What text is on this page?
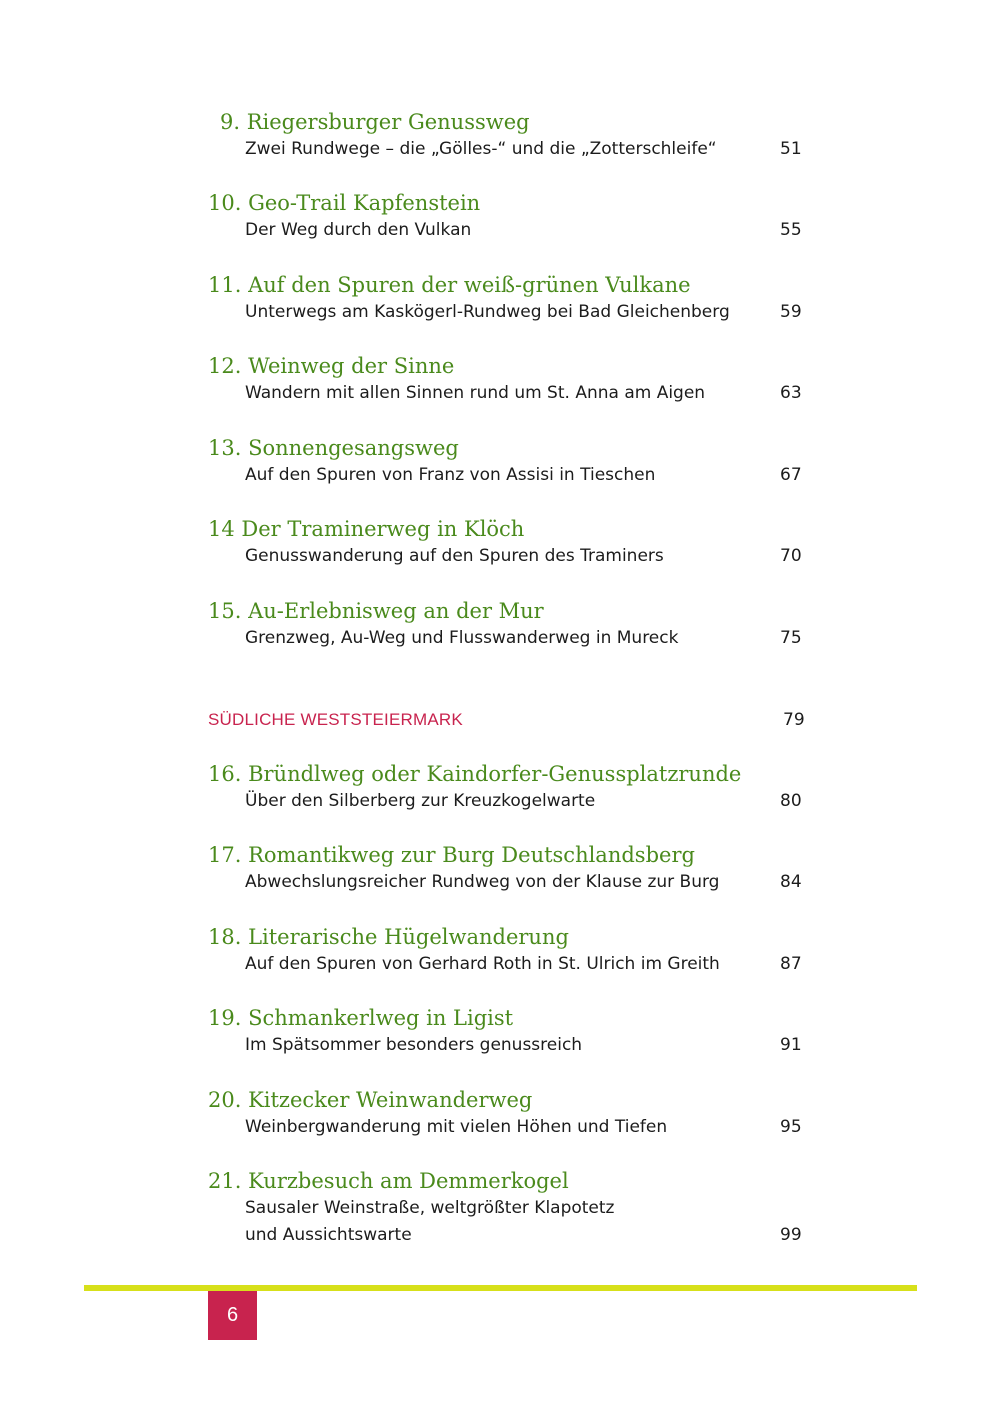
9. Riegersburger Genussweg
Zwei Rundwege – die „Gölles-“ und die „Zotterschleife“	51
10. Geo-Trail Kapfenstein
Der Weg durch den Vulkan	55
11. Auf den Spuren der weiß-grünen Vulkane
Unterwegs am Kaskögerl-Rundweg bei Bad Gleichenberg	59
12. Weinweg der Sinne
Wandern mit allen Sinnen rund um St. Anna am Aigen	63
13. Sonnengesangsweg
Auf den Spuren von Franz von Assisi in Tieschen	67
14 Der Traminerweg in Klöch
Genusswanderung auf den Spuren des Traminers	70
15. Au-Erlebnisweg an der Mur
Grenzweg, Au-Weg und Flusswanderweg in Mureck	75
SÜDLICHE WESTSTEIERMARK	79
16. Bründlweg oder Kaindorfer-Genussplatzrunde
Über den Silberberg zur Kreuzkogelwarte	80
17. Romantikweg zur Burg Deutschlandsberg
Abwechslungsreicher Rundweg von der Klause zur Burg	84
18. Literarische Hügelwanderung
Auf den Spuren von Gerhard Roth in St. Ulrich im Greith	87
19. Schmankerlweg in Ligist
Im Spätsommer besonders genussreich	91
20. Kitzecker Weinwanderweg
Weinbergwanderung mit vielen Höhen und Tiefen	95
21. Kurzbesuch am Demmerkogel
Sausaler Weinstraße, weltgrößter Klapotetz
und Aussichtswarte	99
6
